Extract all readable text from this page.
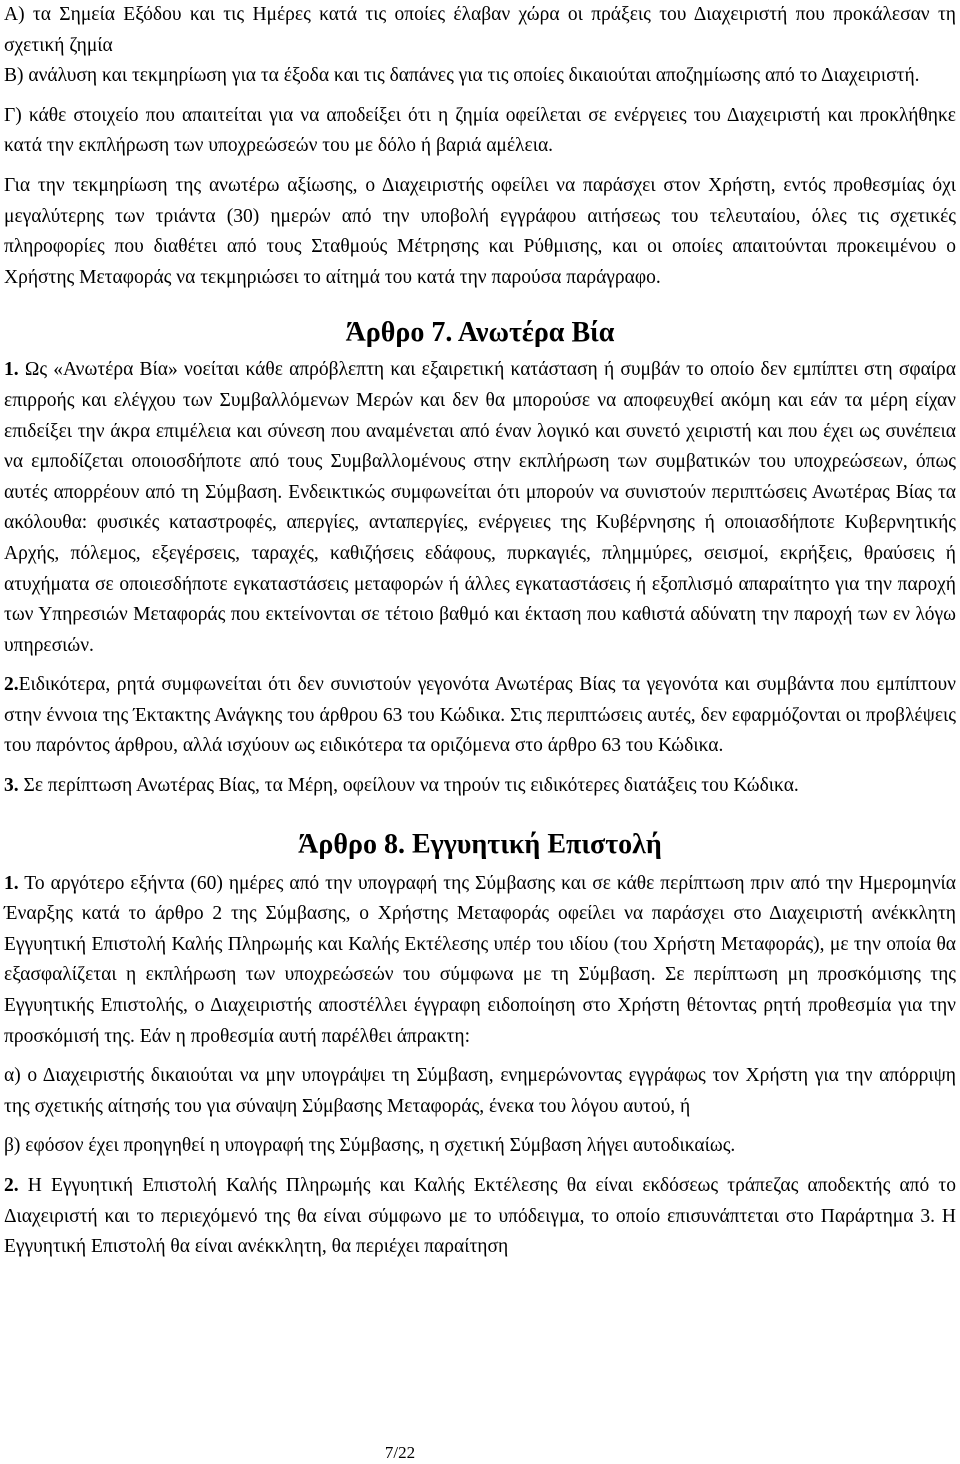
Α) τα Σημεία Εξόδου και τις Ημέρες κατά τις οποίες έλαβαν χώρα οι πράξεις του Διαχειριστή που προκάλεσαν τη σχετική ζημία

Β) ανάλυση και τεκμηρίωση για τα έξοδα και τις δαπάνες για τις οποίες δικαιούται αποζημίωσης από το Διαχειριστή.

Γ) κάθε στοιχείο που απαιτείται για να αποδείξει ότι η ζημία οφείλεται σε ενέργειες του Διαχειριστή και προκλήθηκε κατά την εκπλήρωση των υποχρεώσεών του με δόλο ή βαριά αμέλεια.

Για την τεκμηρίωση της ανωτέρω αξίωσης, ο Διαχειριστής οφείλει να παράσχει στον Χρήστη, εντός προθεσμίας όχι μεγαλύτερης των τριάντα (30) ημερών από την υποβολή εγγράφου αιτήσεως του τελευταίου, όλες τις σχετικές πληροφορίες που διαθέτει από τους Σταθμούς Μέτρησης και Ρύθμισης, και οι οποίες απαιτούνται προκειμένου ο Χρήστης Μεταφοράς να τεκμηριώσει το αίτημά του κατά την παρούσα παράγραφο.

Άρθρο 7. Ανωτέρα Βία

1. Ως «Ανωτέρα Βία» νοείται κάθε απρόβλεπτη και εξαιρετική κατάσταση ή συμβάν το οποίο δεν εμπίπτει στη σφαίρα επιρροής και ελέγχου των Συμβαλλόμενων Μερών και δεν θα μπορούσε να αποφευχθεί ακόμη και εάν τα μέρη είχαν επιδείξει την άκρα επιμέλεια και σύνεση που αναμένεται από έναν λογικό και συνετό χειριστή και που έχει ως συνέπεια να εμποδίζεται οποιοσδήποτε από τους Συμβαλλομένους στην εκπλήρωση των συμβατικών του υποχρεώσεων, όπως αυτές απορρέουν από τη Σύμβαση. Ενδεικτικώς συμφωνείται ότι μπορούν να συνιστούν περιπτώσεις Ανωτέρας Βίας τα ακόλουθα: φυσικές καταστροφές, απεργίες, ανταπεργίες, ενέργειες της Κυβέρνησης ή οποιασδήποτε Κυβερνητικής Αρχής, πόλεμος, εξεγέρσεις, ταραχές, καθιζήσεις εδάφους, πυρκαγιές, πλημμύρες, σεισμοί, εκρήξεις, θραύσεις ή ατυχήματα σε οποιεσδήποτε εγκαταστάσεις μεταφορών ή άλλες εγκαταστάσεις ή εξοπλισμό απαραίτητο για την παροχή των Υπηρεσιών Μεταφοράς που εκτείνονται σε τέτοιο βαθμό και έκταση που καθιστά αδύνατη την παροχή των εν λόγω υπηρεσιών.

2.Ειδικότερα, ρητά συμφωνείται ότι δεν συνιστούν γεγονότα Ανωτέρας Βίας τα γεγονότα και συμβάντα που εμπίπτουν στην έννοια της Έκτακτης Ανάγκης του άρθρου 63 του Κώδικα. Στις περιπτώσεις αυτές, δεν εφαρμόζονται οι προβλέψεις του παρόντος άρθρου, αλλά ισχύουν ως ειδικότερα τα οριζόμενα στο άρθρο 63 του Κώδικα.

3. Σε περίπτωση Ανωτέρας Βίας, τα Μέρη, οφείλουν να τηρούν τις ειδικότερες διατάξεις του Κώδικα.

Άρθρο 8. Εγγυητική Επιστολή

1. Το αργότερο εξήντα (60) ημέρες από την υπογραφή της Σύμβασης και σε κάθε περίπτωση πριν από την Ημερομηνία Έναρξης κατά το άρθρο 2 της Σύμβασης, ο Χρήστης Μεταφοράς οφείλει να παράσχει στο Διαχειριστή ανέκκλητη Εγγυητική Επιστολή Καλής Πληρωμής και Καλής Εκτέλεσης υπέρ του ιδίου (του Χρήστη Μεταφοράς), με την οποία θα εξασφαλίζεται η εκπλήρωση των υποχρεώσεών του σύμφωνα με τη Σύμβαση. Σε περίπτωση μη προσκόμισης της Εγγυητικής Επιστολής, ο Διαχειριστής αποστέλλει έγγραφη ειδοποίηση στο Χρήστη θέτοντας ρητή προθεσμία για την προσκόμισή της. Εάν η προθεσμία αυτή παρέλθει άπρακτη:

α) ο Διαχειριστής δικαιούται να μην υπογράψει τη Σύμβαση, ενημερώνοντας εγγράφως τον Χρήστη για την απόρριψη της σχετικής αίτησής του για σύναψη Σύμβασης Μεταφοράς, ένεκα του λόγου αυτού, ή

β) εφόσον έχει προηγηθεί η υπογραφή της Σύμβασης, η σχετική Σύμβαση λήγει αυτοδικαίως.

2. Η Εγγυητική Επιστολή Καλής Πληρωμής και Καλής Εκτέλεσης θα είναι εκδόσεως τράπεζας αποδεκτής από το Διαχειριστή και το περιεχόμενό της θα είναι σύμφωνο με το υπόδειγμα, το οποίο επισυνάπτεται στο Παράρτημα 3. Η Εγγυητική Επιστολή θα είναι ανέκκλητη, θα περιέχει παραίτηση

7/22
